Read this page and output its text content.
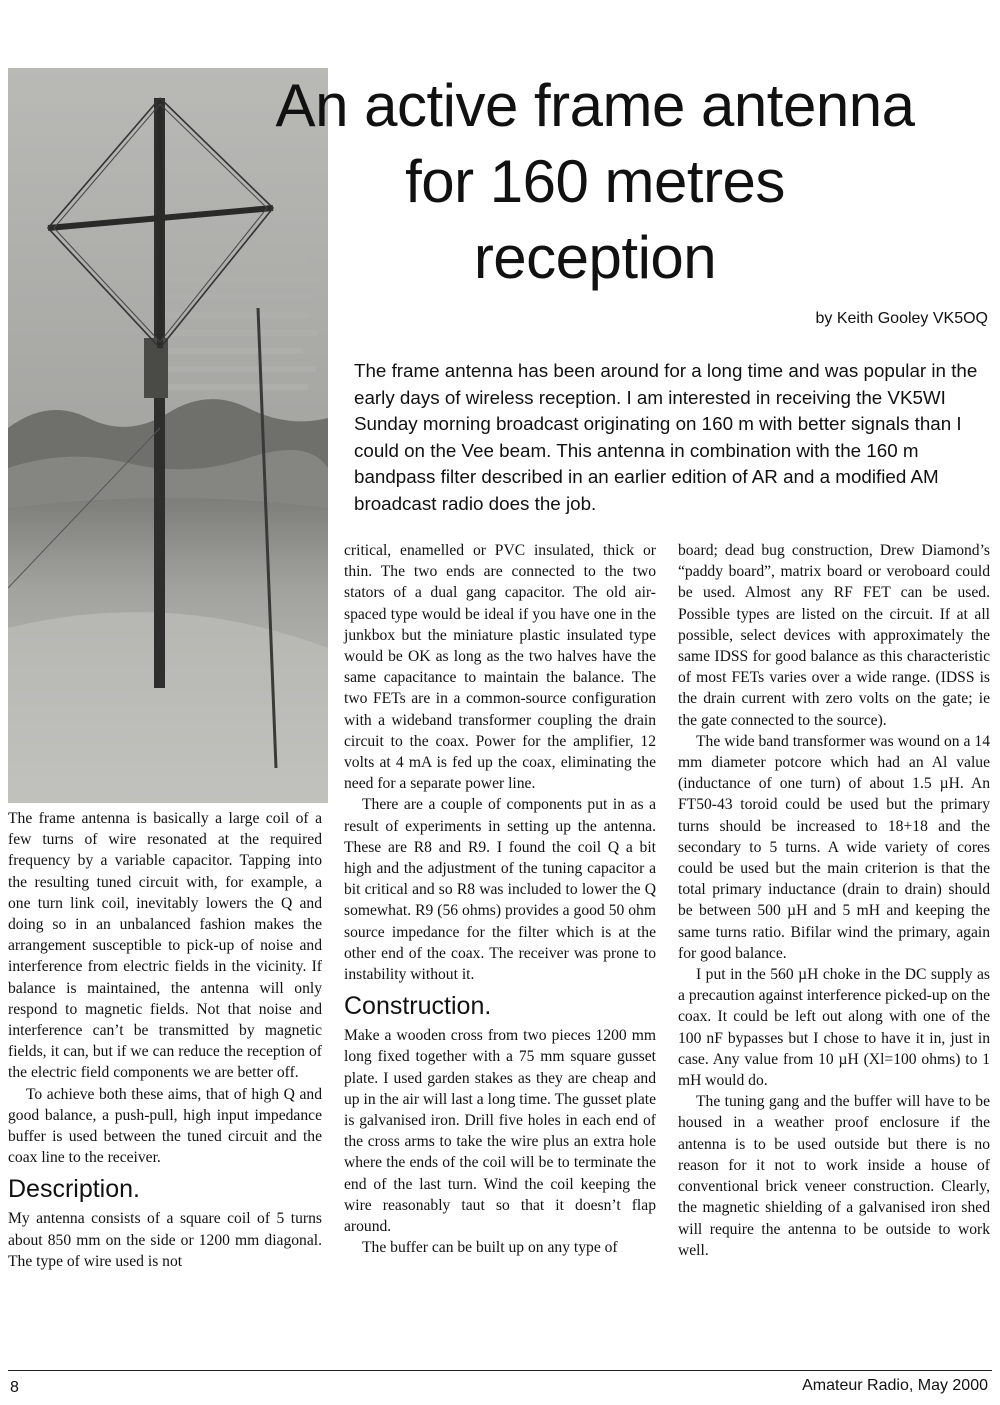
An active frame antenna
for 160 metres
reception
by Keith Gooley VK5OQ

The frame antenna has been around for a long time and was popular in the early days of wireless reception. I am interested in receiving the VK5WI Sunday morning broadcast originating on 160 m with better signals than I could on the Vee beam. This antenna in combination with the 160 m bandpass filter described in an earlier edition of AR and a modified AM broadcast radio does the job.

The frame antenna is basically a large coil of a few turns of wire resonated at the required frequency by a variable capacitor. Tapping into the resulting tuned circuit with, for example, a one turn link coil, inevitably lowers the Q and doing so in an unbalanced fashion makes the arrangement susceptible to pick-up of noise and interference from electric fields in the vicinity. If balance is maintained, the antenna will only respond to magnetic fields. Not that noise and interference can’t be transmitted by magnetic fields, it can, but if we can reduce the reception of the electric field components we are better off.

To achieve both these aims, that of high Q and good balance, a push-pull, high input impedance buffer is used between the tuned circuit and the coax line to the receiver.

Description.

My antenna consists of a square coil of 5 turns about 850 mm on the side or 1200 mm diagonal. The type of wire used is not

critical, enamelled or PVC insulated, thick or thin. The two ends are connected to the two stators of a dual gang capacitor. The old air-spaced type would be ideal if you have one in the junkbox but the miniature plastic insulated type would be OK as long as the two halves have the same capacitance to maintain the balance. The two FETs are in a common-source configuration with a wideband transformer coupling the drain circuit to the coax. Power for the amplifier, 12 volts at 4 mA is fed up the coax, eliminating the need for a separate power line.

There are a couple of components put in as a result of experiments in setting up the antenna. These are R8 and R9. I found the coil Q a bit high and the adjustment of the tuning capacitor a bit critical and so R8 was included to lower the Q somewhat. R9 (56 ohms) provides a good 50 ohm source impedance for the filter which is at the other end of the coax. The receiver was prone to instability without it.

Construction.

Make a wooden cross from two pieces 1200 mm long fixed together with a 75 mm square gusset plate. I used garden stakes as they are cheap and up in the air will last a long time. The gusset plate is galvanised iron. Drill five holes in each end of the cross arms to take the wire plus an extra hole where the ends of the coil will be to terminate the end of the last turn. Wind the coil keeping the wire reasonably taut so that it doesn’t flap around.

The buffer can be built up on any type of

board; dead bug construction, Drew Diamond’s “paddy board”, matrix board or veroboard could be used. Almost any RF FET can be used. Possible types are listed on the circuit. If at all possible, select devices with approximately the same IDSS for good balance as this characteristic of most FETs varies over a wide range. (IDSS is the drain current with zero volts on the gate; ie the gate connected to the source).

The wide band transformer was wound on a 14 mm diameter potcore which had an Al value (inductance of one turn) of about 1.5 µH. An FT50-43 toroid could be used but the primary turns should be increased to 18+18 and the secondary to 5 turns. A wide variety of cores could be used but the main criterion is that the total primary inductance (drain to drain) should be between 500 µH and 5 mH and keeping the same turns ratio. Bifilar wind the primary, again for good balance.

I put in the 560 µH choke in the DC supply as a precaution against interference picked-up on the coax. It could be left out along with one of the 100 nF bypasses but I chose to have it in, just in case. Any value from 10 µH (Xl=100 ohms) to 1 mH would do.

The tuning gang and the buffer will have to be housed in a weather proof enclosure if the antenna is to be used outside but there is no reason for it not to work inside a house of conventional brick veneer construction. Clearly, the magnetic shielding of a galvanised iron shed will require the antenna to be outside to work well.

8	Amateur Radio, May 2000
